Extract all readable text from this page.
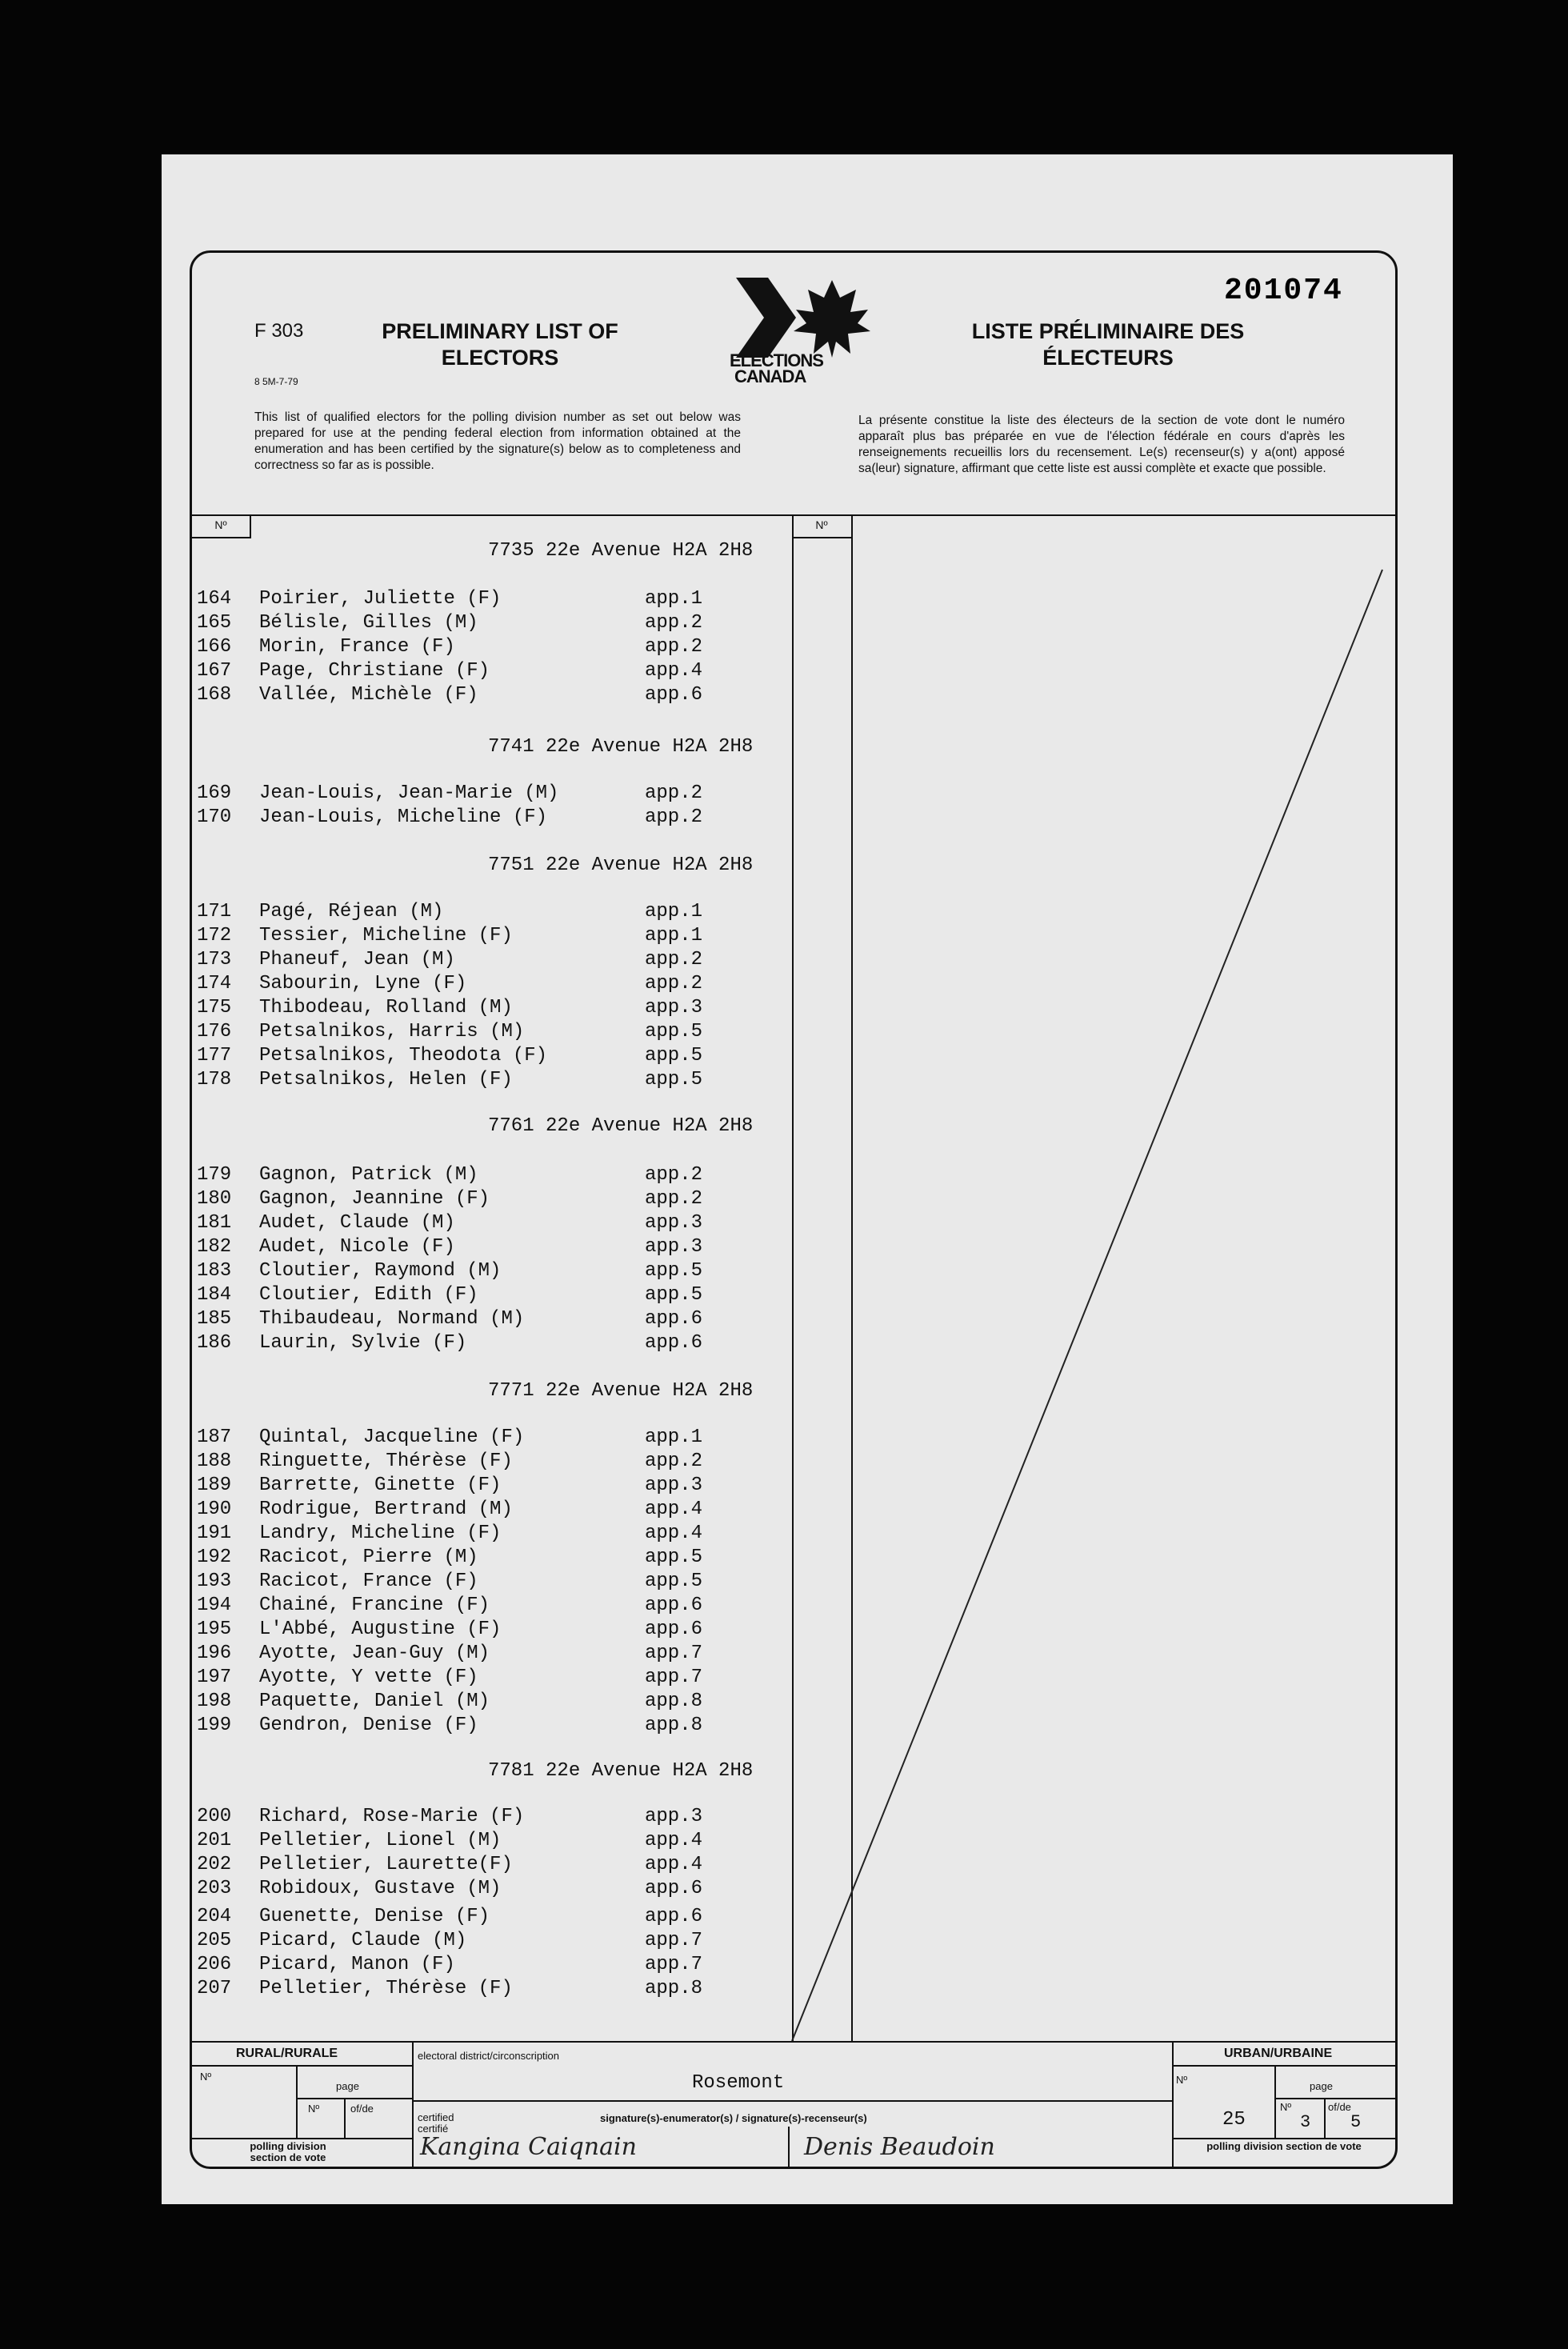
201074
F 303
8 5M-7-79
PRELIMINARY LIST OF ELECTORS
LISTE PRÉLIMINAIRE DES ÉLECTEURS
ELECTIONS
CANADA
This list of qualified electors for the polling division number as set out below was prepared for use at the pending federal election from information obtained at the enumeration and has been certified by the signature(s) below as to completeness and correctness so far as is possible.
La présente constitue la liste des électeurs de la section de vote dont le numéro apparaît plus bas préparée en vue de l'élection fédérale en cours d'après les renseignements recueillis lors du recensement. Le(s) recenseur(s) y a(ont) apposé sa(leur) signature, affirmant que cette liste est aussi complète et exacte que possible.
Nº	Nº
7735 22e Avenue H2A 2H8
164	Poirier, Juliette (F)	app.1
165	Bélisle, Gilles (M)	app.2
166	Morin, France (F)	app.2
167	Page, Christiane (F)	app.4
168	Vallée, Michèle (F)	app.6
7741 22e Avenue H2A 2H8
169	Jean-Louis, Jean-Marie (M)	app.2
170	Jean-Louis, Micheline (F)	app.2
7751 22e Avenue H2A 2H8
171	Pagé, Réjean (M)	app.1
172	Tessier, Micheline (F)	app.1
173	Phaneuf, Jean (M)	app.2
174	Sabourin, Lyne (F)	app.2
175	Thibodeau, Rolland (M)	app.3
176	Petsalnikos, Harris (M)	app.5
177	Petsalnikos, Theodota (F)	app.5
178	Petsalnikos, Helen (F)	app.5
7761 22e Avenue H2A 2H8
179	Gagnon, Patrick (M)	app.2
180	Gagnon, Jeannine (F)	app.2
181	Audet, Claude (M)	app.3
182	Audet, Nicole (F)	app.3
183	Cloutier, Raymond (M)	app.5
184	Cloutier, Edith (F)	app.5
185	Thibaudeau, Normand (M)	app.6
186	Laurin, Sylvie (F)	app.6
7771 22e Avenue H2A 2H8
187	Quintal, Jacqueline (F)	app.1
188	Ringuette, Thérèse (F)	app.2
189	Barrette, Ginette (F)	app.3
190	Rodrigue, Bertrand (M)	app.4
191	Landry, Micheline (F)	app.4
192	Racicot, Pierre (M)	app.5
193	Racicot, France (F)	app.5
194	Chainé, Francine (F)	app.6
195	L'Abbé, Augustine (F)	app.6
196	Ayotte, Jean-Guy (M)	app.7
197	Ayotte, Y vette (F)	app.7
198	Paquette, Daniel (M)	app.8
199	Gendron, Denise (F)	app.8
7781 22e Avenue H2A 2H8
200	Richard, Rose-Marie (F)	app.3
201	Pelletier, Lionel (M)	app.4
202	Pelletier, Laurette(F)	app.4
203	Robidoux, Gustave (M)	app.6
204	Guenette, Denise (F)	app.6
205	Picard, Claude (M)	app.7
206	Picard, Manon (F)	app.7
207	Pelletier, Thérèse (F)	app.8
RURAL/RURALE	URBAN/URBAINE
Nº
page
Nº	of/de
polling division section de vote
electoral district/circonscription
Rosemont
certified certifié
signature(s)-enumerator(s) / signature(s)-recenseur(s)
Kangina Caiqnain	Denis Beaudoin
Nº
page
Nº	of/de
25	3 5
polling division section de vote
